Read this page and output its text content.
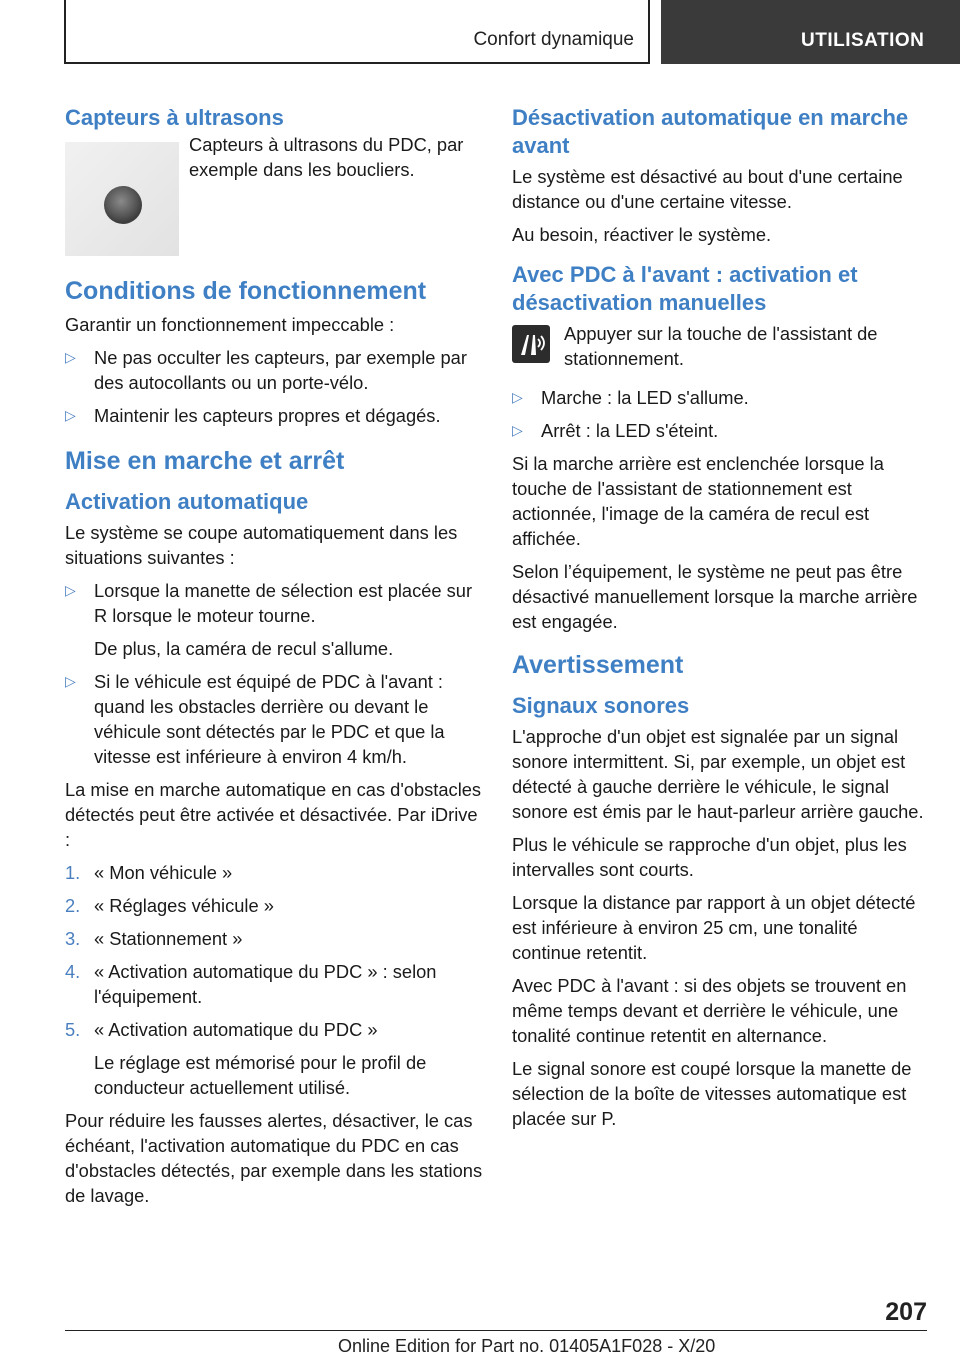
Confort dynamique	UTILISATION
Capteurs à ultrasons

Capteurs à ultrasons du PDC, par exemple dans les boucliers.

Conditions de fonctionnement

Garantir un fonctionnement impeccable :

▷ Ne pas occulter les capteurs, par exemple par des autocollants ou un porte-vélo.
▷ Maintenir les capteurs propres et dégagés.
Mise en marche et arrêt
Activation automatique

Le système se coupe automatiquement dans les situations suivantes :

▷ Lorsque la manette de sélection est placée sur R lorsque le moteur tourne.

De plus, la caméra de recul s'allume.

▷ Si le véhicule est équipé de PDC à l'avant : quand les obstacles derrière ou devant le véhicule sont détectés par le PDC et que la vitesse est inférieure à environ 4 km/h.

La mise en marche automatique en cas d'obstacles détectés peut être activée et désactivée. Par iDrive :

1. « Mon véhicule »
2. « Réglages véhicule »
3. « Stationnement »
4. « Activation automatique du PDC » : selon l'équipement.
5. « Activation automatique du PDC »

Le réglage est mémorisé pour le profil de conducteur actuellement utilisé.

Pour réduire les fausses alertes, désactiver, le cas échéant, l'activation automatique du PDC en cas d'obstacles détectés, par exemple dans les stations de lavage.

Désactivation automatique en marche avant

Le système est désactivé au bout d'une certaine distance ou d'une certaine vitesse.

Au besoin, réactiver le système.

Avec PDC à l'avant : activation et désactivation manuelles

Appuyer sur la touche de l'assistant de stationnement.

▷ Marche : la LED s'allume.
▷ Arrêt : la LED s'éteint.

Si la marche arrière est enclenchée lorsque la touche de l'assistant de stationnement est actionnée, l'image de la caméra de recul est affichée.

Selon l’équipement, le système ne peut pas être désactivé manuellement lorsque la marche arrière est engagée.

Avertissement
Signaux sonores

L'approche d'un objet est signalée par un signal sonore intermittent. Si, par exemple, un objet est détecté à gauche derrière le véhicule, le signal sonore est émis par le haut-parleur arrière gauche.

Plus le véhicule se rapproche d'un objet, plus les intervalles sont courts.

Lorsque la distance par rapport à un objet détecté est inférieure à environ 25 cm, une tonalité continue retentit.

Avec PDC à l'avant : si des objets se trouvent en même temps devant et derrière le véhicule, une tonalité continue retentit en alternance.

Le signal sonore est coupé lorsque la manette de sélection de la boîte de vitesses automatique est placée sur P.

207
Online Edition for Part no. 01405A1F028 - X/20
